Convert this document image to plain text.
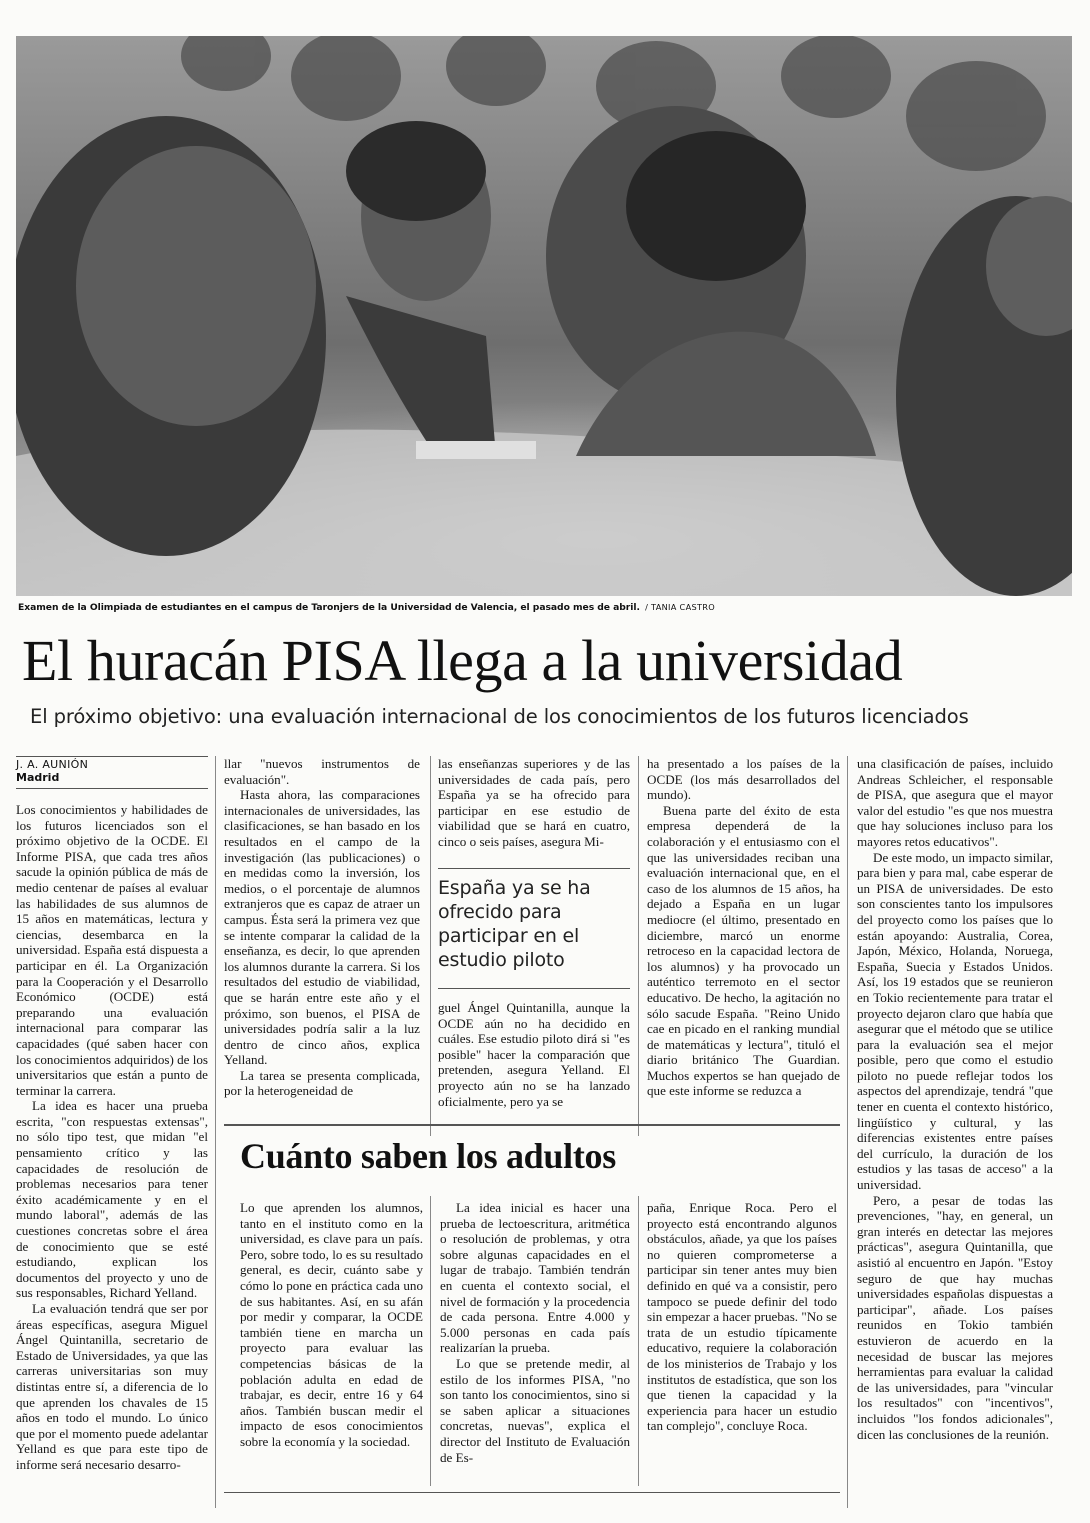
Examen de la Olimpiada de estudiantes en el campus de Taronjers de la Universidad de Valencia, el pasado mes de abril. / TANIA CASTRO
El huracán PISA llega a la universidad
El próximo objetivo: una evaluación internacional de los conocimientos de los futuros licenciados
J. A. AUNIÓN
Madrid

Los conocimientos y habilidades de los futuros licenciados son el próximo objetivo de la OCDE. El Informe PISA, que cada tres años sacude la opinión pública de más de medio centenar de países al evaluar las habilidades de sus alumnos de 15 años en matemáticas, lectura y ciencias, desembarca en la universidad. España está dispuesta a participar en él. La Organización para la Cooperación y el Desarrollo Económico (OCDE) está preparando una evaluación internacional para comparar las capacidades (qué saben hacer con los conocimientos adquiridos) de los universitarios que están a punto de terminar la carrera.

La idea es hacer una prueba escrita, "con respuestas extensas", no sólo tipo test, que midan "el pensamiento crítico y las capacidades de resolución de problemas necesarios para tener éxito académicamente y en el mundo laboral", además de las cuestiones concretas sobre el área de conocimiento que se esté estudiando, explican los documentos del proyecto y uno de sus responsables, Richard Yelland.

La evaluación tendrá que ser por áreas específicas, asegura Miguel Ángel Quintanilla, secretario de Estado de Universidades, ya que las carreras universitarias son muy distintas entre sí, a diferencia de lo que aprenden los chavales de 15 años en todo el mundo. Lo único que por el momento puede adelantar Yelland es que para este tipo de informe será necesario desarro-

llar "nuevos instrumentos de evaluación".

Hasta ahora, las comparaciones internacionales de universidades, las clasificaciones, se han basado en los resultados en el campo de la investigación (las publicaciones) o en medidas como la inversión, los medios, o el porcentaje de alumnos extranjeros que es capaz de atraer un campus. Ésta será la primera vez que se intente comparar la calidad de la enseñanza, es decir, lo que aprenden los alumnos durante la carrera. Si los resultados del estudio de viabilidad, que se harán entre este año y el próximo, son buenos, el PISA de universidades podría salir a la luz dentro de cinco años, explica Yelland.

La tarea se presenta complicada, por la heterogeneidad de

las enseñanzas superiores y de las universidades de cada país, pero España ya se ha ofrecido para participar en ese estudio de viabilidad que se hará en cuatro, cinco o seis países, asegura Mi-

España ya se ha ofrecido para participar en el estudio piloto

guel Ángel Quintanilla, aunque la OCDE aún no ha decidido en cuáles. Ese estudio piloto dirá si "es posible" hacer la comparación que pretenden, asegura Yelland. El proyecto aún no se ha lanzado oficialmente, pero ya se

ha presentado a los países de la OCDE (los más desarrollados del mundo).

Buena parte del éxito de esta empresa dependerá de la colaboración y el entusiasmo con el que las universidades reciban una evaluación internacional que, en el caso de los alumnos de 15 años, ha dejado a España en un lugar mediocre (el último, presentado en diciembre, marcó un enorme retroceso en la capacidad lectora de los alumnos) y ha provocado un auténtico terremoto en el sector educativo. De hecho, la agitación no sólo sacude España. "Reino Unido cae en picado en el ranking mundial de matemáticas y lectura", tituló el diario británico The Guardian. Muchos expertos se han quejado de que este informe se reduzca a

una clasificación de países, incluido Andreas Schleicher, el responsable de PISA, que asegura que el mayor valor del estudio "es que nos muestra que hay soluciones incluso para los mayores retos educativos".

De este modo, un impacto similar, para bien y para mal, cabe esperar de un PISA de universidades. De esto son conscientes tanto los impulsores del proyecto como los países que lo están apoyando: Australia, Corea, Japón, México, Holanda, Noruega, España, Suecia y Estados Unidos. Así, los 19 estados que se reunieron en Tokio recientemente para tratar el proyecto dejaron claro que había que asegurar que el método que se utilice para la evaluación sea el mejor posible, pero que como el estudio piloto no puede reflejar todos los aspectos del aprendizaje, tendrá "que tener en cuenta el contexto histórico, lingüístico y cultural, y las diferencias existentes entre países del currículo, la duración de los estudios y las tasas de acceso" a la universidad.

Pero, a pesar de todas las prevenciones, "hay, en general, un gran interés en detectar las mejores prácticas", asegura Quintanilla, que asistió al encuentro en Japón. "Estoy seguro de que hay muchas universidades españolas dispuestas a participar", añade. Los países reunidos en Tokio también estuvieron de acuerdo en la necesidad de buscar las mejores herramientas para evaluar la calidad de las universidades, para "vincular los resultados" con "incentivos", incluidos "los fondos adicionales", dicen las conclusiones de la reunión.

Cuánto saben los adultos

Lo que aprenden los alumnos, tanto en el instituto como en la universidad, es clave para un país. Pero, sobre todo, lo es su resultado general, es decir, cuánto sabe y cómo lo pone en práctica cada uno de sus habitantes. Así, en su afán por medir y comparar, la OCDE también tiene en marcha un proyecto para evaluar las competencias básicas de la población adulta en edad de trabajar, es decir, entre 16 y 64 años. También buscan medir el impacto de esos conocimientos sobre la economía y la sociedad.

La idea inicial es hacer una prueba de lectoescritura, aritmética o resolución de problemas, y otra sobre algunas capacidades en el lugar de trabajo. También tendrán en cuenta el contexto social, el nivel de formación y la procedencia de cada persona. Entre 4.000 y 5.000 personas en cada país realizarían la prueba.

Lo que se pretende medir, al estilo de los informes PISA, "no son tanto los conocimientos, sino si se saben aplicar a situaciones concretas, nuevas", explica el director del Instituto de Evaluación de Es-

paña, Enrique Roca. Pero el proyecto está encontrando algunos obstáculos, añade, ya que los países no quieren comprometerse a participar sin tener antes muy bien definido en qué va a consistir, pero tampoco se puede definir del todo sin empezar a hacer pruebas. "No se trata de un estudio típicamente educativo, requiere la colaboración de los ministerios de Trabajo y los institutos de estadística, que son los que tienen la capacidad y la experiencia para hacer un estudio tan complejo", concluye Roca.
